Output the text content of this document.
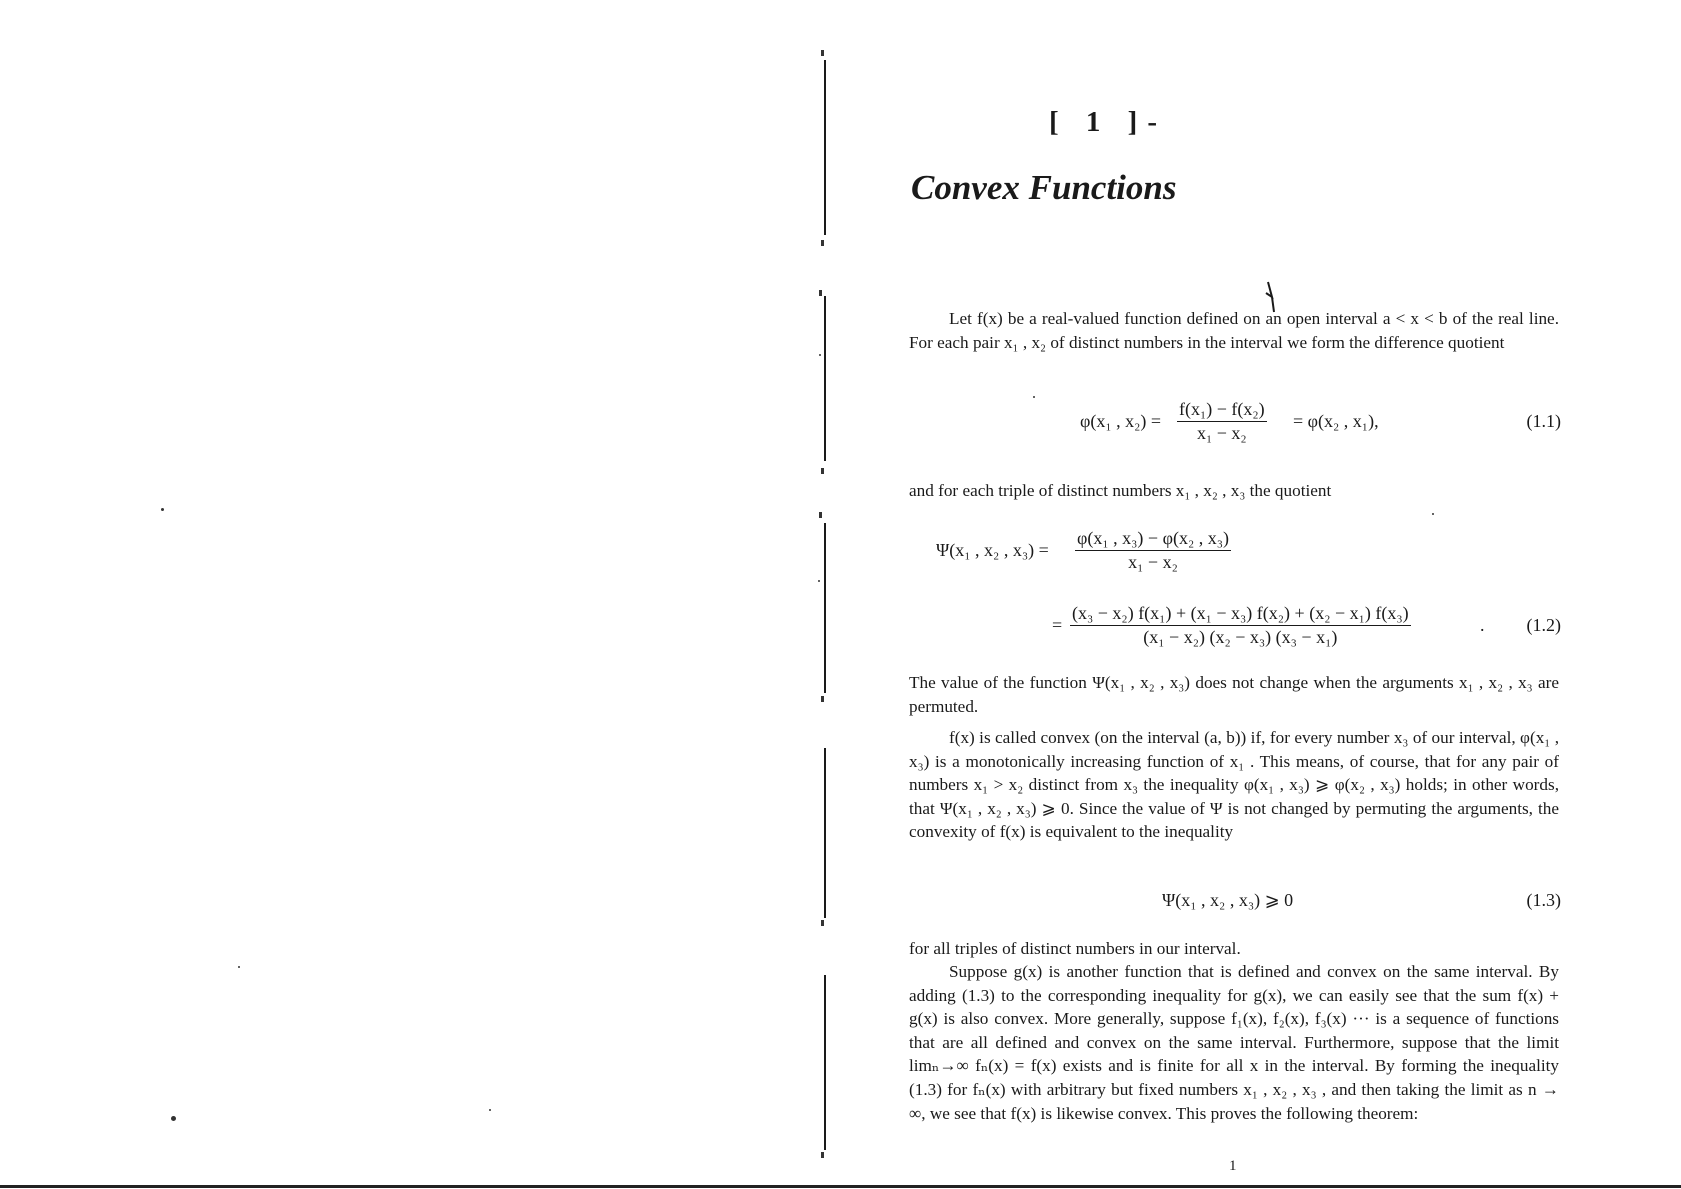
[ 1 ]-
Convex Functions

Let f(x) be a real-valued function defined on an open interval a < x < b of the real line. For each pair x₁ , x₂ of distinct numbers in the interval we form the difference quotient

φ(x₁ , $x_2) = \frac{\text{f(x₁) − f(x₂)}}{\text{x₁ − x₂}} = \varphi(x_2$ , x₁),	(1.1)

and for each triple of distinct numbers x₁ , x₂ , x₃ the quotient

Ψ(x₁ , x₂ , $x_3) = \frac{\text{φ(x₁ , x₃) − φ(x₂ , x₃)}}{\text{x₁ − x₂}}$
= $\frac{\text{(x₃ − x₂) f(x₁) + (x₁ − x₃) f(x₂) + (x₂ − x₁) f(x₃)}}{\text{(x₁ − x₂) (x₂ − x₃) (x₃ − x₁)}}$	. (1.2)

The value of the function Ψ(x₁ , x₂ , x₃) does not change when the arguments x₁ , x₂ , x₃ are permuted.

f(x) is called convex (on the interval (a, b)) if, for every number x₃ of our interval, φ(x₁ , x₃) is a monotonically increasing function of x₁ . This means, of course, that for any pair of numbers x₁ > x₂ distinct from x₃ the inequality φ(x₁ , x₃) ⩾ φ(x₂ , x₃) holds; in other words, that Ψ(x₁ , x₂ , x₃) ⩾ 0. Since the value of Ψ is not changed by permuting the arguments, the convexity of f(x) is equivalent to the inequality

Ψ(x₁ , x₂ , x₃) ⩾ 0	(1.3)

for all triples of distinct numbers in our interval.

Suppose g(x) is another function that is defined and convex on the same interval. By adding (1.3) to the corresponding inequality for g(x), we can easily see that the sum f(x) + g(x) is also convex. More generally, suppose f₁(x), f₂(x), f₃(x) ··· is a sequence of functions that are all defined and convex on the same interval. Furthermore, suppose that the limit limₙ→∞ fₙ(x) = f(x) exists and is finite for all x in the interval. By forming the inequality (1.3) for fₙ(x) with arbitrary but fixed numbers x₁ , x₂ , x₃ , and then taking the limit as n → ∞, we see that f(x) is likewise convex. This proves the following theorem:

1
